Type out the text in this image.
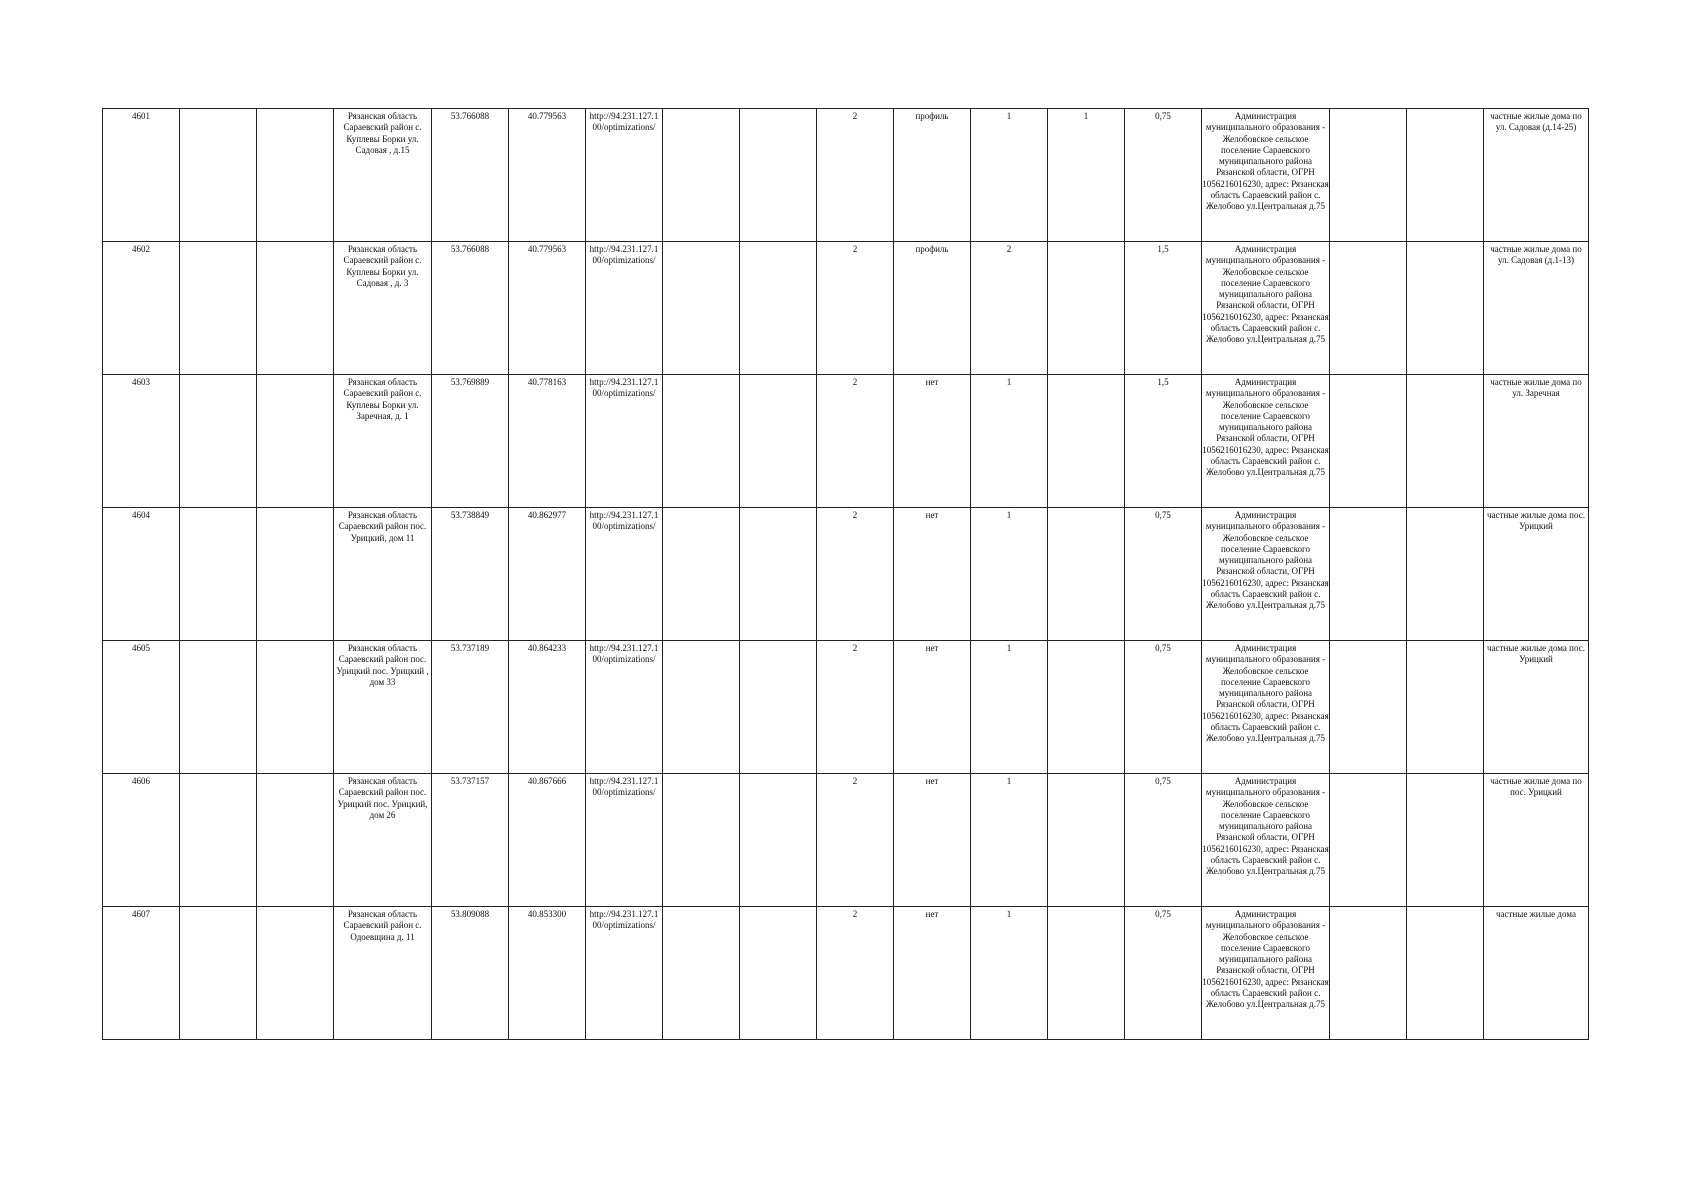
4601			Рязанская область Сараевский район с. Куплевы Борки ул. Садовая , д.15	53.766088	40.779563	http://94.231.127.100/optimizations/			2	профиль	1	1	0,75	Администрация муниципального образования - Желобовское сельское поселение Сараевского муниципального района Рязанской области, ОГРН 1056216016230, адрес: Рязанская область Сараевский район с. Желобово ул.Центральная д.75			частные жилые дома по ул. Садовая (д.14-25)
4602			Рязанская область Сараевский район с. Куплевы Борки ул. Садовая , д. 3	53.766088	40.779563	http://94.231.127.100/optimizations/			2	профиль	2		1,5	Администрация муниципального образования - Желобовское сельское поселение Сараевского муниципального района Рязанской области, ОГРН 1056216016230, адрес: Рязанская область Сараевский район с. Желобово ул.Центральная д.75			частные жилые дома по ул. Садовая (д.1-13)
4603			Рязанская область Сараевский район с. Куплевы Борки ул. Заречная, д. 1	53.769889	40.778163	http://94.231.127.100/optimizations/			2	нет	1		1,5	Администрация муниципального образования - Желобовское сельское поселение Сараевского муниципального района Рязанской области, ОГРН 1056216016230, адрес: Рязанская область Сараевский район с. Желобово ул.Центральная д.75			частные жилые дома по ул. Заречная
4604			Рязанская область Сараевский район пос. Урицкий, дом 11	53.738849	40.862977	http://94.231.127.100/optimizations/			2	нет	1		0,75	Администрация муниципального образования - Желобовское сельское поселение Сараевского муниципального района Рязанской области, ОГРН 1056216016230, адрес: Рязанская область Сараевский район с. Желобово ул.Центральная д.75			частные жилые дома пос. Урицкий
4605			Рязанская область Сараевский район пос. Урицкий пос. Урицкий , дом 33	53.737189	40.864233	http://94.231.127.100/optimizations/			2	нет	1		0,75	Администрация муниципального образования - Желобовское сельское поселение Сараевского муниципального района Рязанской области, ОГРН 1056216016230, адрес: Рязанская область Сараевский район с. Желобово ул.Центральная д.75			частные жилые дома пос. Урицкий
4606			Рязанская область Сараевский район пос. Урицкий пос. Урицкий, дом 26	53.737157	40.867666	http://94.231.127.100/optimizations/			2	нет	1		0,75	Администрация муниципального образования - Желобовское сельское поселение Сараевского муниципального района Рязанской области, ОГРН 1056216016230, адрес: Рязанская область Сараевский район с. Желобово ул.Центральная д.75			частные жилые дома по пос. Урицкий
4607			Рязанская область Сараевский район с. Одоевщина д. 11	53.809088	40.853300	http://94.231.127.100/optimizations/			2	нет	1		0,75	Администрация муниципального образования - Желобовское сельское поселение Сараевского муниципального района Рязанской области, ОГРН 1056216016230, адрес: Рязанская область Сараевский район с. Желобово ул.Центральная д.75			частные жилые дома
